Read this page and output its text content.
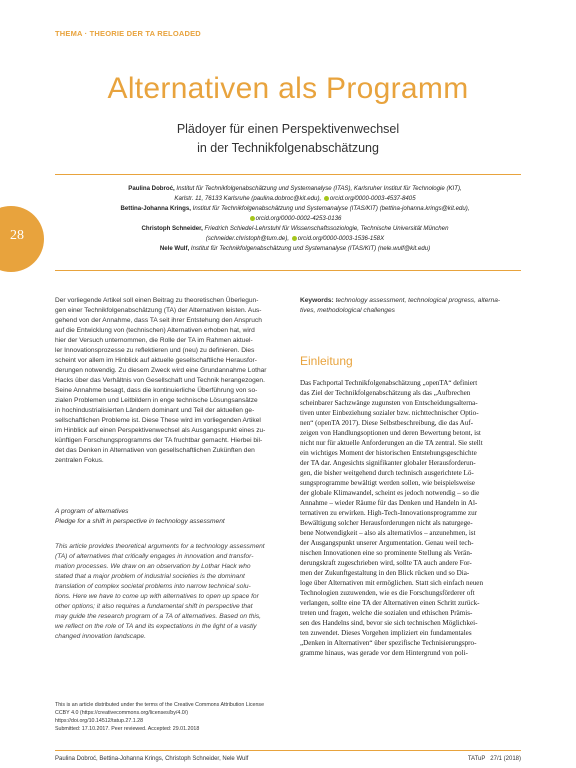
THEMA · THEORIE DER TA RELOADED
Alternativen als Programm
Plädoyer für einen Perspektivenwechsel
in der Technikfolgenabschätzung
Paulina Dobroć, Institut für Technikfolgenabschätzung und Systemanalyse (ITAS), Karlsruher Institut für Technologie (KIT),
Karlstr. 11, 76133 Karlsruhe (paulina.dobroc@kit.edu), orcid.org/0000-0003-4537-8405
Bettina-Johanna Krings, Institut für Technikfolgenabschätzung und Systemanalyse (ITAS/KIT) (bettina-johanna.krings@kit.edu),
orcid.org/0000-0002-4253-0136
Christoph Schneider, Friedrich Schiedel-Lehrstuhl für Wissenschaftssoziologie, Technische Universität München
(schneider.christoph@tum.de), orcid.org/0000-0003-1536-158X
Nele Wulf, Institut für Technikfolgenabschätzung und Systemanalyse (ITAS/KIT) (nele.wulf@kit.edu)
28
Der vorliegende Artikel soll einen Beitrag zu theoretischen Überlegun-
gen einer Technikfolgenabschätzung (TA) der Alternativen leisten. Aus-
gehend von der Annahme, dass TA seit ihrer Entstehung den Anspruch
auf die Entwicklung von (technischen) Alternativen erhoben hat, wird
hier der Versuch unternommen, die Rolle der TA im Rahmen aktuel-
ler Innovationsprozesse zu reflektieren und (neu) zu definieren. Dies
scheint vor allem im Hinblick auf aktuelle gesellschaftliche Herausfor-
derungen notwendig. Zu diesem Zweck wird eine Grundannahme Lothar
Hacks über das Verhältnis von Gesellschaft und Technik herangezogen.
Seine Annahme besagt, dass die kontinuierliche Überführung von so-
zialen Problemen und Leitbildern in enge technische Lösungsansätze
in hochindustrialisierten Ländern dominant und Teil der aktuellen ge-
sellschaftlichen Probleme ist. Diese These wird im vorliegenden Artikel
im Hinblick auf einen Perspektivenwechsel als Ausgangspunkt eines zu-
künftigen Forschungsprogramms der TA fruchtbar gemacht. Hierbei bil-
det das Denken in Alternativen von gesellschaftlichen Zukünften den
zentralen Fokus.
A program of alternatives
Pledge for a shift in perspective in technology assessment
This article provides theoretical arguments for a technology assessment
(TA) of alternatives that critically engages in innovation and transfor-
mation processes. We draw on an observation by Lothar Hack who
stated that a major problem of industrial societies is the dominant
translation of complex societal problems into narrow technical solu-
tions. Here we have to come up with alternatives to open up space for
other options; it also requires a fundamental shift in perspective that
may guide the research program of a TA of alternatives. Based on this,
we reflect on the role of TA and its expectations in the light of a vastly
changed innovation landscape.
This is an article distributed under the terms of the Creative Commons Attribution License
CCBY 4.0 (https://creativecommons.org/licenses/by/4.0/)
https://doi.org/10.14512/tatup.27.1.28
Submitted: 17.10.2017. Peer reviewed. Accepted: 29.01.2018
Keywords: technology assessment, technological progress, alterna-
tives, methodological challenges
Einleitung
Das Fachportal Technikfolgenabschätzung „openTA“ definiert
das Ziel der Technikfolgenabschätzung als das „Aufbrechen
scheinbarer Sachzwänge zugunsten von Entscheidungsalterna-
tiven unter Einbeziehung sozialer bzw. nichttechnischer Optio-
nen“ (openTA 2017). Diese Selbstbeschreibung, die das Auf-
zeigen von Handlungsoptionen und deren Bewertung betont, ist
nicht nur für aktuelle Anforderungen an die TA zentral. Sie stellt
ein wichtiges Moment der historischen Entstehungsgeschichte
der TA dar. Angesichts signifikanter globaler Herausforderun-
gen, die bisher weitgehend durch technisch ausgerichtete Lö-
sungsprogramme bewältigt werden sollen, wie beispielsweise
der globale Klimawandel, scheint es jedoch notwendig – so die
Annahme – wieder Räume für das Denken und Handeln in Al-
ternativen zu erwirken. High-Tech-Innovationsprogramme zur
Bewältigung solcher Herausforderungen nicht als naturgege-
bene Notwendigkeit – also als alternativlos – anzunehmen, ist
der Ausgangspunkt unserer Argumentation. Genau weil tech-
nischen Innovationen eine so prominente Stellung als Verän-
derungskraft zugeschrieben wird, sollte TA auch andere For-
men der Zukunftgestaltung in den Blick rücken und so Dia-
loge über Alternativen mit ermöglichen. Statt sich einfach neuen
Technologien zuzuwenden, wie es die Forschungsförderer oft
verlangen, sollte eine TA der Alternativen einen Schritt zurück-
treten und fragen, welche die sozialen und ethischen Prämis-
sen des Handelns sind, bevor sie sich technischen Möglichkei-
ten zuwendet. Dieses Vorgehen impliziert ein fundamentales
„Denken in Alternativen“ über spezifische Technisierungspro-
gramme hinaus, was gerade vor dem Hintergrund von poli-
Paulina Dobroć, Bettina-Johanna Krings, Christoph Schneider, Nele Wulf	TATuP 27/1 (2018)
